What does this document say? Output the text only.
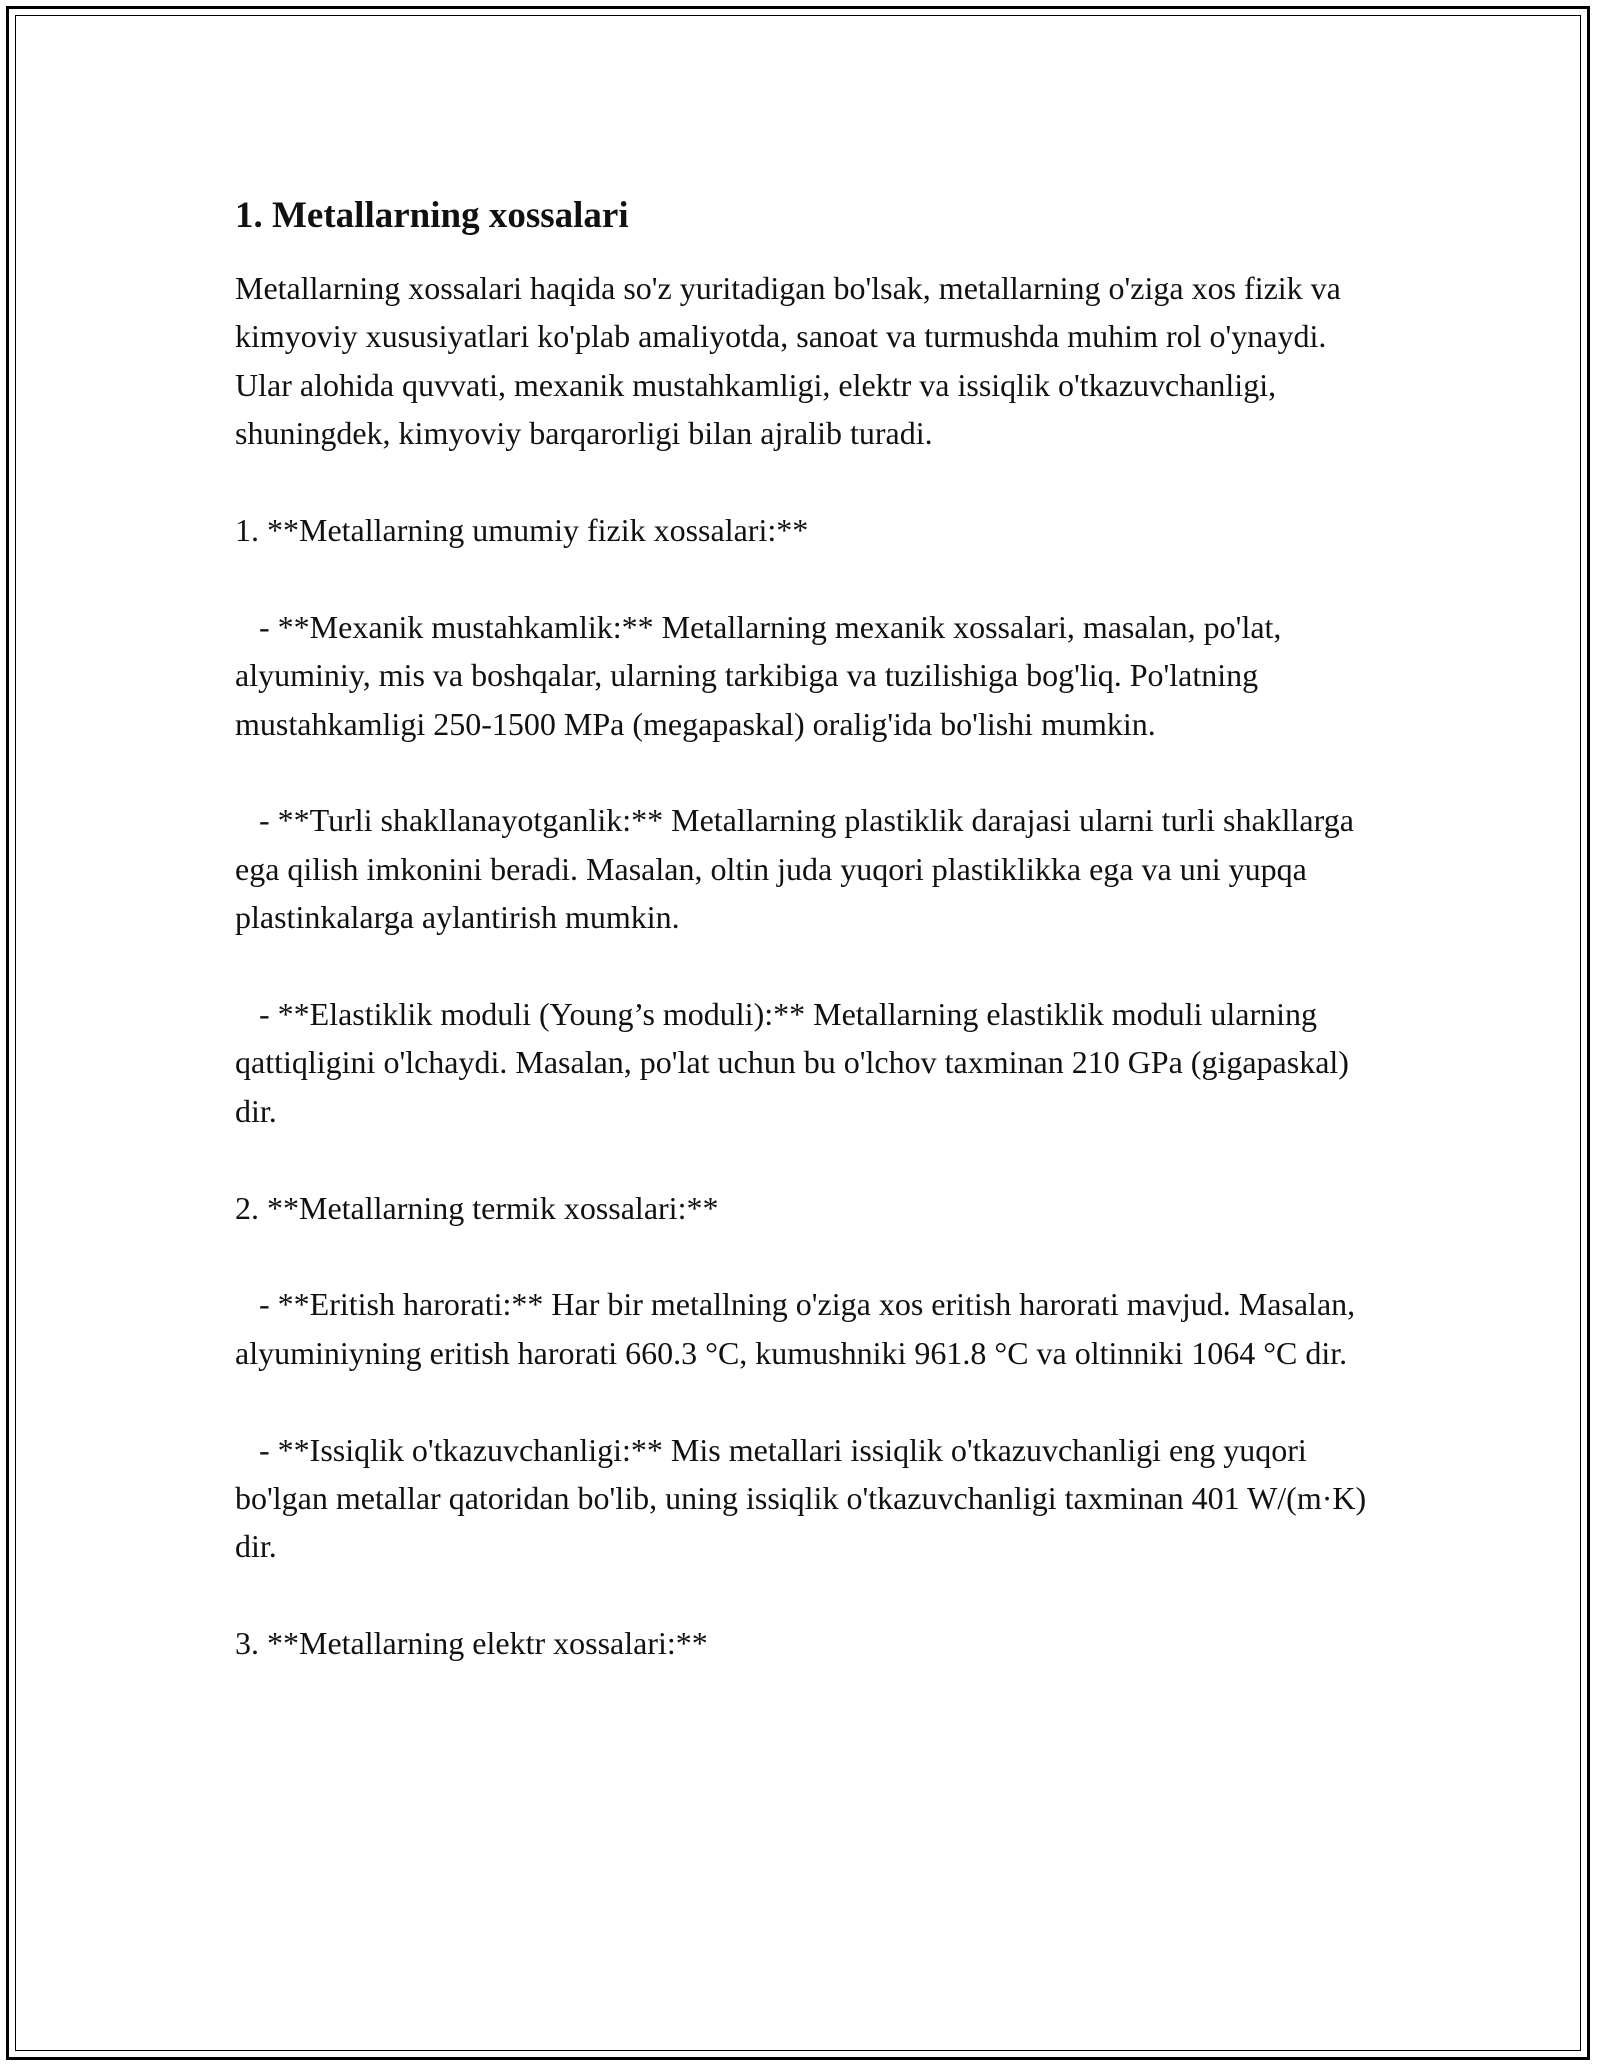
1. Metallarning xossalari

Metallarning xossalari haqida so'z yuritadigan bo'lsak, metallarning o'ziga xos fizik va kimyoviy xususiyatlari ko'plab amaliyotda, sanoat va turmushda muhim rol o'ynaydi. Ular alohida quvvati, mexanik mustahkamligi, elektr va issiqlik o'tkazuvchanligi, shuningdek, kimyoviy barqarorligi bilan ajralib turadi.

1. **Metallarning umumiy fizik xossalari:**

- **Mexanik mustahkamlik:** Metallarning mexanik xossalari, masalan, po'lat, alyuminiy, mis va boshqalar, ularning tarkibiga va tuzilishiga bog'liq. Po'latning mustahkamligi 250-1500 MPa (megapaskal) oralig'ida bo'lishi mumkin.

- **Turli shakllanayotganlik:** Metallarning plastiklik darajasi ularni turli shakllarga ega qilish imkonini beradi. Masalan, oltin juda yuqori plastiklikka ega va uni yupqa plastinkalarga aylantirish mumkin.

- **Elastiklik moduli (Young’s moduli):** Metallarning elastiklik moduli ularning qattiqligini o'lchaydi. Masalan, po'lat uchun bu o'lchov taxminan 210 GPa (gigapaskal) dir.

2. **Metallarning termik xossalari:**

- **Eritish harorati:** Har bir metallning o'ziga xos eritish harorati mavjud. Masalan, alyuminiyning eritish harorati 660.3 °C, kumushniki 961.8 °C va oltinniki 1064 °C dir.

- **Issiqlik o'tkazuvchanligi:** Mis metallari issiqlik o'tkazuvchanligi eng yuqori bo'lgan metallar qatoridan bo'lib, uning issiqlik o'tkazuvchanligi taxminan 401 W/(m·K) dir.

3. **Metallarning elektr xossalari:**
